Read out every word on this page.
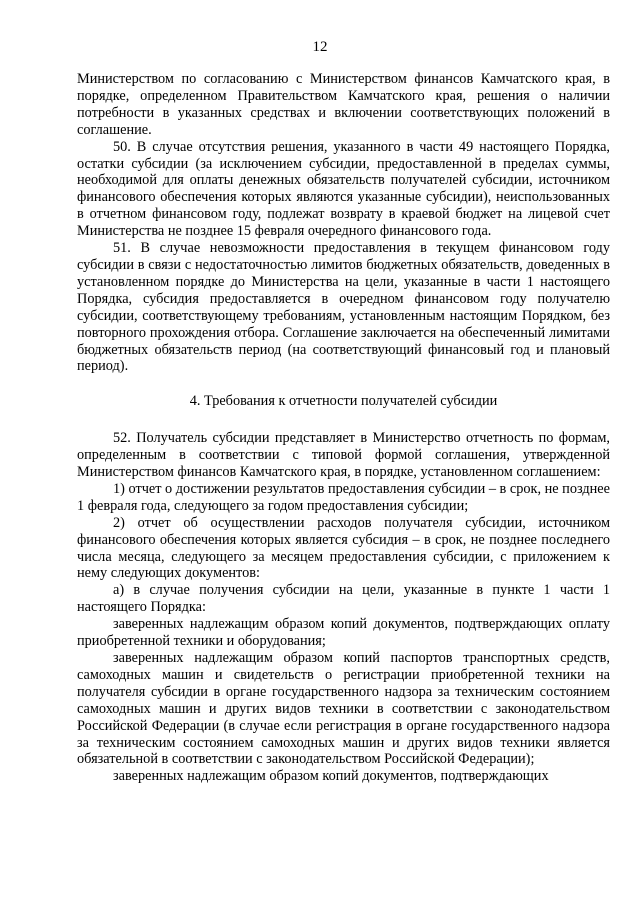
12

Министерством по согласованию с Министерством финансов Камчатского края, в порядке, определенном Правительством Камчатского края, решения о наличии потребности в указанных средствах и включении соответствующих положений в соглашение.

50. В случае отсутствия решения, указанного в части 49 настоящего Порядка, остатки субсидии (за исключением субсидии, предоставленной в пределах суммы, необходимой для оплаты денежных обязательств получателей субсидии, источником финансового обеспечения которых являются указанные субсидии), неиспользованных в отчетном финансовом году, подлежат возврату в краевой бюджет на лицевой счет Министерства не позднее 15 февраля очередного финансового года.

51. В случае невозможности предоставления в текущем финансовом году субсидии в связи с недостаточностью лимитов бюджетных обязательств, доведенных в установленном порядке до Министерства на цели, указанные в части 1 настоящего Порядка, субсидия предоставляется в очередном финансовом году получателю субсидии, соответствующему требованиям, установленным настоящим Порядком, без повторного прохождения отбора. Соглашение заключается на обеспеченный лимитами бюджетных обязательств период (на соответствующий финансовый год и плановый период).

4. Требования к отчетности получателей субсидии

52. Получатель субсидии представляет в Министерство отчетность по формам, определенным в соответствии с типовой формой соглашения, утвержденной Министерством финансов Камчатского края, в порядке, установленном соглашением:

1) отчет о достижении результатов предоставления субсидии – в срок, не позднее 1 февраля года, следующего за годом предоставления субсидии;

2) отчет об осуществлении расходов получателя субсидии, источником финансового обеспечения которых является субсидия – в срок, не позднее последнего числа месяца, следующего за месяцем предоставления субсидии, с приложением к нему следующих документов:

а) в случае получения субсидии на цели, указанные в пункте 1 части 1 настоящего Порядка:

заверенных надлежащим образом копий документов, подтверждающих оплату приобретенной техники и оборудования;

заверенных надлежащим образом копий паспортов транспортных средств, самоходных машин и свидетельств о регистрации приобретенной техники на получателя субсидии в органе государственного надзора за техническим состоянием самоходных машин и других видов техники в соответствии с законодательством Российской Федерации (в случае если регистрация в органе государственного надзора за техническим состоянием самоходных машин и других видов техники является обязательной в соответствии с законодательством Российской Федерации);

заверенных надлежащим образом копий документов, подтверждающих
